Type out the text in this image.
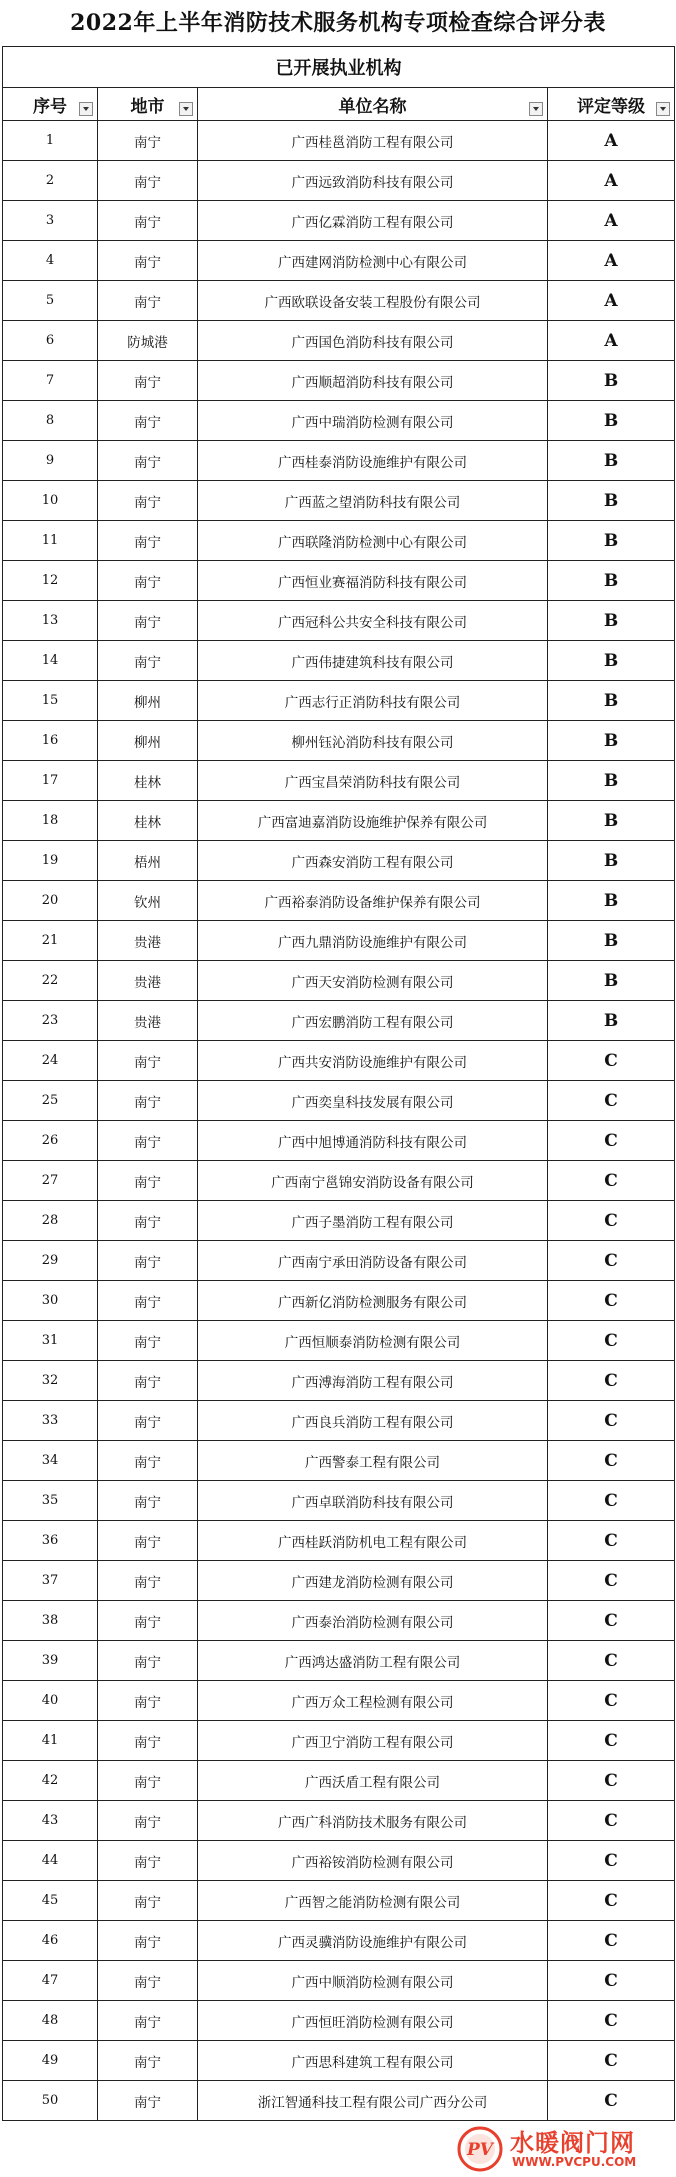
2022年上半年消防技术服务机构专项检查综合评分表
已开展执业机构			
序号	地市	单位名称	评定等级

1	南宁	广西桂邕消防工程有限公司	A
2	南宁	广西远致消防科技有限公司	A
3	南宁	广西亿霖消防工程有限公司	A
4	南宁	广西建网消防检测中心有限公司	A
5	南宁	广西欧联设备安装工程股份有限公司	A
6	防城港	广西国色消防科技有限公司	A
7	南宁	广西顺超消防科技有限公司	B
8	南宁	广西中瑞消防检测有限公司	B
9	南宁	广西桂泰消防设施维护有限公司	B
10	南宁	广西蓝之望消防科技有限公司	B
11	南宁	广西联隆消防检测中心有限公司	B
12	南宁	广西恒业赛福消防科技有限公司	B
13	南宁	广西冠科公共安全科技有限公司	B
14	南宁	广西伟捷建筑科技有限公司	B
15	柳州	广西志行正消防科技有限公司	B
16	柳州	柳州钰沁消防科技有限公司	B
17	桂林	广西宝昌荣消防科技有限公司	B
18	桂林	广西富迪嘉消防设施维护保养有限公司	B
19	梧州	广西森安消防工程有限公司	B
20	钦州	广西裕泰消防设备维护保养有限公司	B
21	贵港	广西九鼎消防设施维护有限公司	B
22	贵港	广西天安消防检测有限公司	B
23	贵港	广西宏鹏消防工程有限公司	B
24	南宁	广西共安消防设施维护有限公司	C
25	南宁	广西奕皇科技发展有限公司	C
26	南宁	广西中旭博通消防科技有限公司	C
27	南宁	广西南宁邕锦安消防设备有限公司	C
28	南宁	广西子墨消防工程有限公司	C
29	南宁	广西南宁承田消防设备有限公司	C
30	南宁	广西新亿消防检测服务有限公司	C
31	南宁	广西恒顺泰消防检测有限公司	C
32	南宁	广西溥海消防工程有限公司	C
33	南宁	广西良兵消防工程有限公司	C
34	南宁	广西警泰工程有限公司	C
35	南宁	广西卓联消防科技有限公司	C
36	南宁	广西桂跃消防机电工程有限公司	C
37	南宁	广西建龙消防检测有限公司	C
38	南宁	广西泰治消防检测有限公司	C
39	南宁	广西鸿达盛消防工程有限公司	C
40	南宁	广西万众工程检测有限公司	C
41	南宁	广西卫宁消防工程有限公司	C
42	南宁	广西沃盾工程有限公司	C
43	南宁	广西广科消防技术服务有限公司	C
44	南宁	广西裕铵消防检测有限公司	C
45	南宁	广西智之能消防检测有限公司	C
46	南宁	广西灵骥消防设施维护有限公司	C
47	南宁	广西中顺消防检测有限公司	C
48	南宁	广西恒旺消防检测有限公司	C
49	南宁	广西思科建筑工程有限公司	C
50	南宁	浙江智通科技工程有限公司广西分公司	C
PV 水暖阀门网
WWW.PVCPU.COM
